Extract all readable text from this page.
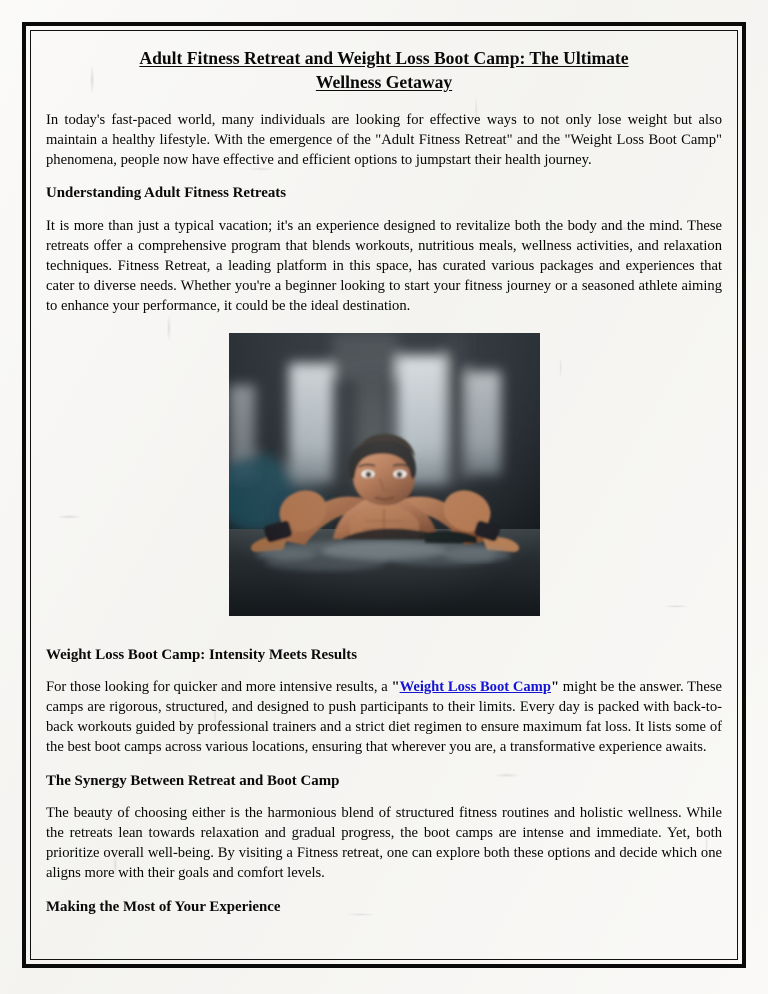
Adult Fitness Retreat and Weight Loss Boot Camp: The Ultimate
Wellness Getaway

In today's fast-paced world, many individuals are looking for effective ways to not only lose weight but also maintain a healthy lifestyle. With the emergence of the "Adult Fitness Retreat" and the "Weight Loss Boot Camp" phenomena, people now have effective and efficient options to jumpstart their health journey.

Understanding Adult Fitness Retreats

It is more than just a typical vacation; it's an experience designed to revitalize both the body and the mind. These retreats offer a comprehensive program that blends workouts, nutritious meals, wellness activities, and relaxation techniques. Fitness Retreat, a leading platform in this space, has curated various packages and experiences that cater to diverse needs. Whether you're a beginner looking to start your fitness journey or a seasoned athlete aiming to enhance your performance, it could be the ideal destination.

Weight Loss Boot Camp: Intensity Meets Results

For those looking for quicker and more intensive results, a "Weight Loss Boot Camp" might be the answer. These camps are rigorous, structured, and designed to push participants to their limits. Every day is packed with back-to-back workouts guided by professional trainers and a strict diet regimen to ensure maximum fat loss. It lists some of the best boot camps across various locations, ensuring that wherever you are, a transformative experience awaits.

The Synergy Between Retreat and Boot Camp

The beauty of choosing either is the harmonious blend of structured fitness routines and holistic wellness. While the retreats lean towards relaxation and gradual progress, the boot camps are intense and immediate. Yet, both prioritize overall well-being. By visiting a Fitness retreat, one can explore both these options and decide which one aligns more with their goals and comfort levels.

Making the Most of Your Experience
